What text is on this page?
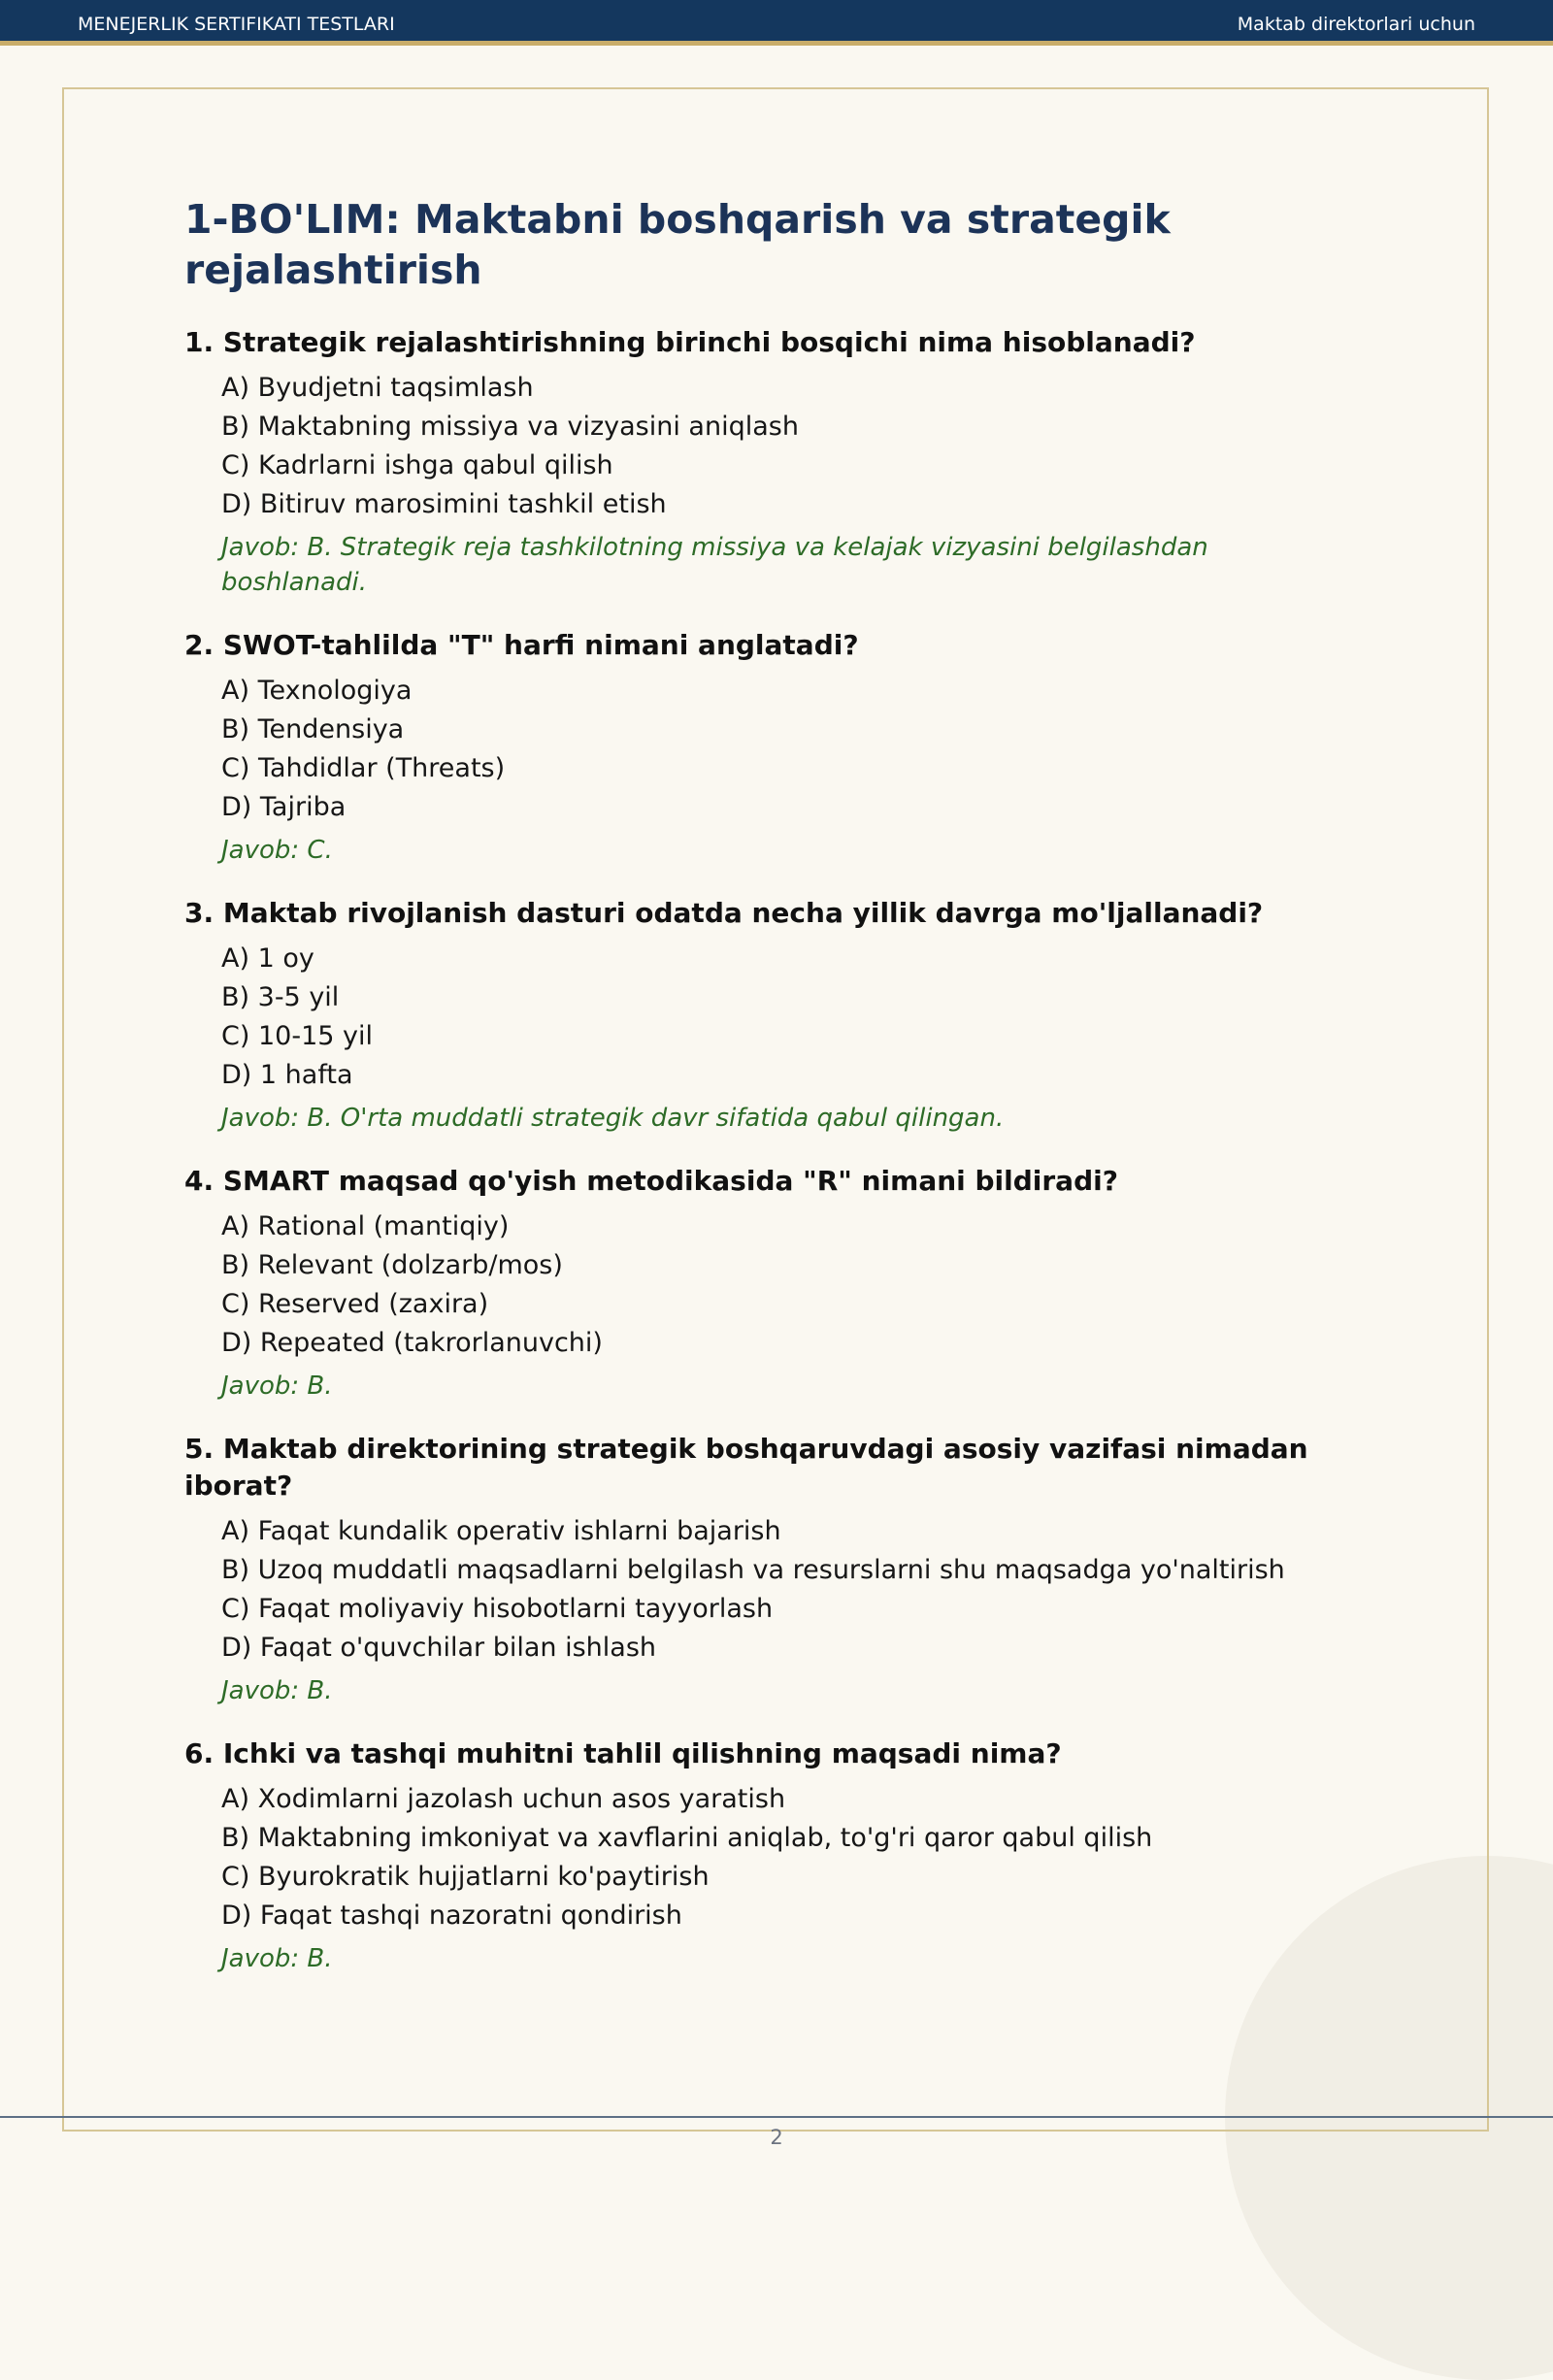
MENEJERLIK SERTIFIKATI TESTLARI	Maktab direktorlari uchun
1-BO'LIM: Maktabni boshqarish va strategik rejalashtirish
1. Strategik rejalashtirishning birinchi bosqichi nima hisoblanadi?
A) Byudjetni taqsimlash
B) Maktabning missiya va vizyasini aniqlash
C) Kadrlarni ishga qabul qilish
D) Bitiruv marosimini tashkil etish
Javob: B. Strategik reja tashkilotning missiya va kelajak vizyasini belgilashdan boshlanadi.
2. SWOT-tahlilda "T" harfi nimani anglatadi?
A) Texnologiya
B) Tendensiya
C) Tahdidlar (Threats)
D) Tajriba
Javob: C.
3. Maktab rivojlanish dasturi odatda necha yillik davrga mo'ljallanadi?
A) 1 oy
B) 3-5 yil
C) 10-15 yil
D) 1 hafta
Javob: B. O'rta muddatli strategik davr sifatida qabul qilingan.
4. SMART maqsad qo'yish metodikasida "R" nimani bildiradi?
A) Rational (mantiqiy)
B) Relevant (dolzarb/mos)
C) Reserved (zaxira)
D) Repeated (takrorlanuvchi)
Javob: B.
5. Maktab direktorining strategik boshqaruvdagi asosiy vazifasi nimadan iborat?
A) Faqat kundalik operativ ishlarni bajarish
B) Uzoq muddatli maqsadlarni belgilash va resurslarni shu maqsadga yo'naltirish
C) Faqat moliyaviy hisobotlarni tayyorlash
D) Faqat o'quvchilar bilan ishlash
Javob: B.
6. Ichki va tashqi muhitni tahlil qilishning maqsadi nima?
A) Xodimlarni jazolash uchun asos yaratish
B) Maktabning imkoniyat va xavflarini aniqlab, to'g'ri qaror qabul qilish
C) Byurokratik hujjatlarni ko'paytirish
D) Faqat tashqi nazoratni qondirish
Javob: B.
2
